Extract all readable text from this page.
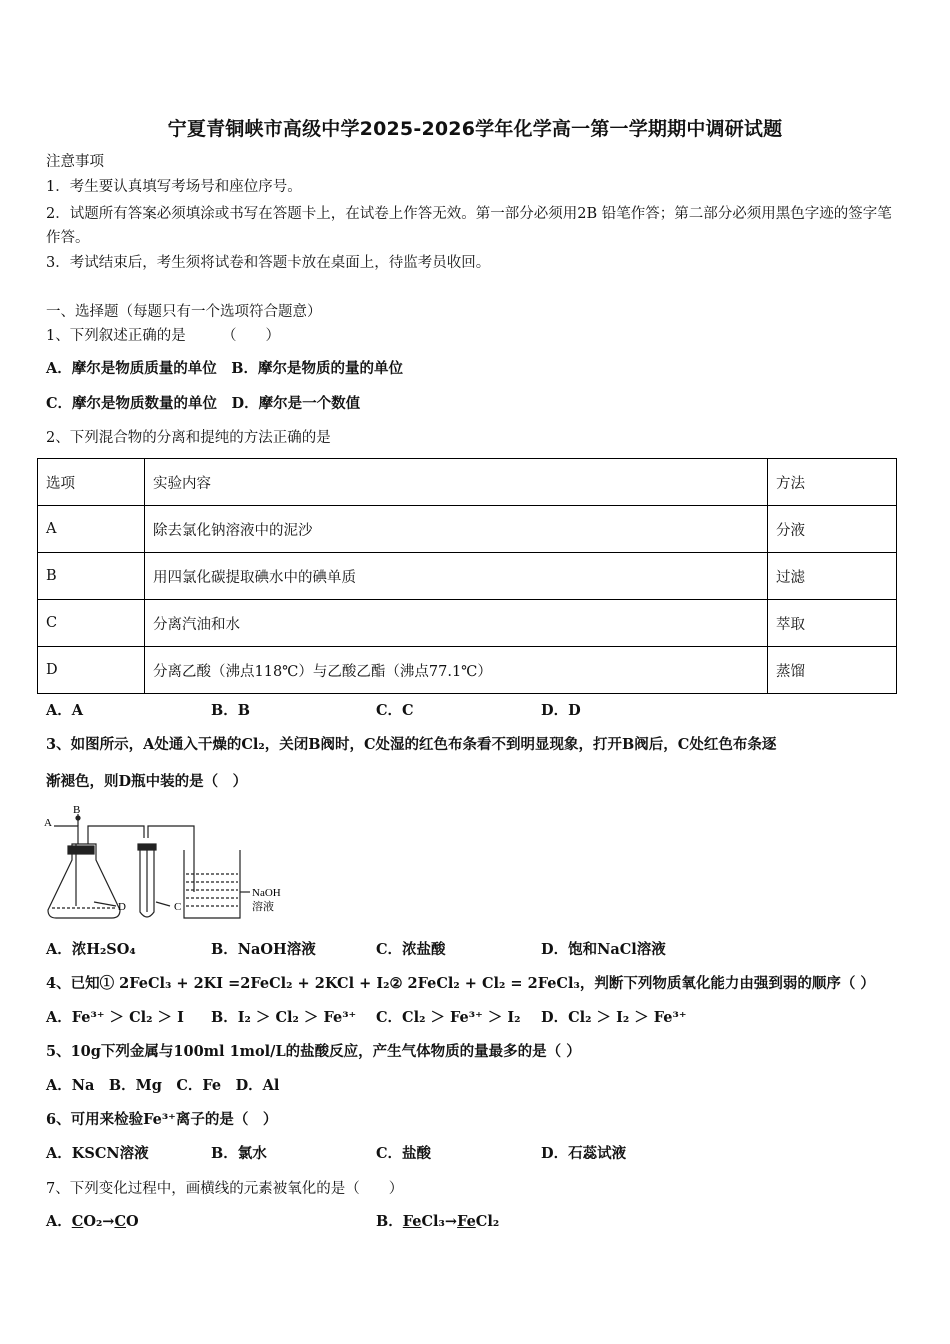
宁夏青铜峡市高级中学2025-2026学年化学高一第一学期期中调研试题
注意事项
1．考生要认真填写考场号和座位序号。
2．试题所有答案必须填涂或书写在答题卡上，在试卷上作答无效。第一部分必须用2B 铅笔作答；第二部分必须用黑色字迹的签字笔作答。
3．考试结束后，考生须将试卷和答题卡放在桌面上，待监考员收回。
一、选择题（每题只有一个选项符合题意）
1、下列叙述正确的是　　　（　　）
A．摩尔是物质质量的单位　B．摩尔是物质的量的单位
C．摩尔是物质数量的单位　D．摩尔是一个数值
2、下列混合物的分离和提纯的方法正确的是
选项	实验内容	方法
A	除去氯化钠溶液中的泥沙	分液
B	用四氯化碳提取碘水中的碘单质	过滤
C	分离汽油和水	萃取
D	分离乙酸（沸点118℃）与乙酸乙酯（沸点77.1℃）	蒸馏
A．A	B．B	C．C	D．D
3、如图所示，A处通入干燥的Cl₂，关闭B阀时，C处湿的红色布条看不到明显现象，打开B阀后，C处红色布条逐
渐褪色，则D瓶中装的是（　）
A
B
C
D
NaOH
溶液
A．浓H₂SO₄	B．NaOH溶液	C．浓盐酸	D．饱和NaCl溶液
4、已知① 2FeCl₃ + 2KI =2FeCl₂ + 2KCl + I₂② 2FeCl₂ + Cl₂ = 2FeCl₃，判断下列物质氧化能力由强到弱的顺序（ ）
A．Fe³⁺ ＞ Cl₂ ＞ I B．I₂ ＞ Cl₂ ＞ Fe³⁺ C．Cl₂ ＞ Fe³⁺ ＞ I₂ D．Cl₂ ＞ I₂ ＞ Fe³⁺
5、10g下列金属与100ml 1mol/L的盐酸反应，产生气体物质的量最多的是（ ）
A．Na　B．Mg　C．Fe　D．Al
6、可用来检验Fe³⁺离子的是（　）
A．KSCN溶液	B．氯水	C．盐酸	D．石蕊试液
7、下列变化过程中，画横线的元素被氧化的是（　　）
A．CO₂→CO	B．FeCl₃→FeCl₂
